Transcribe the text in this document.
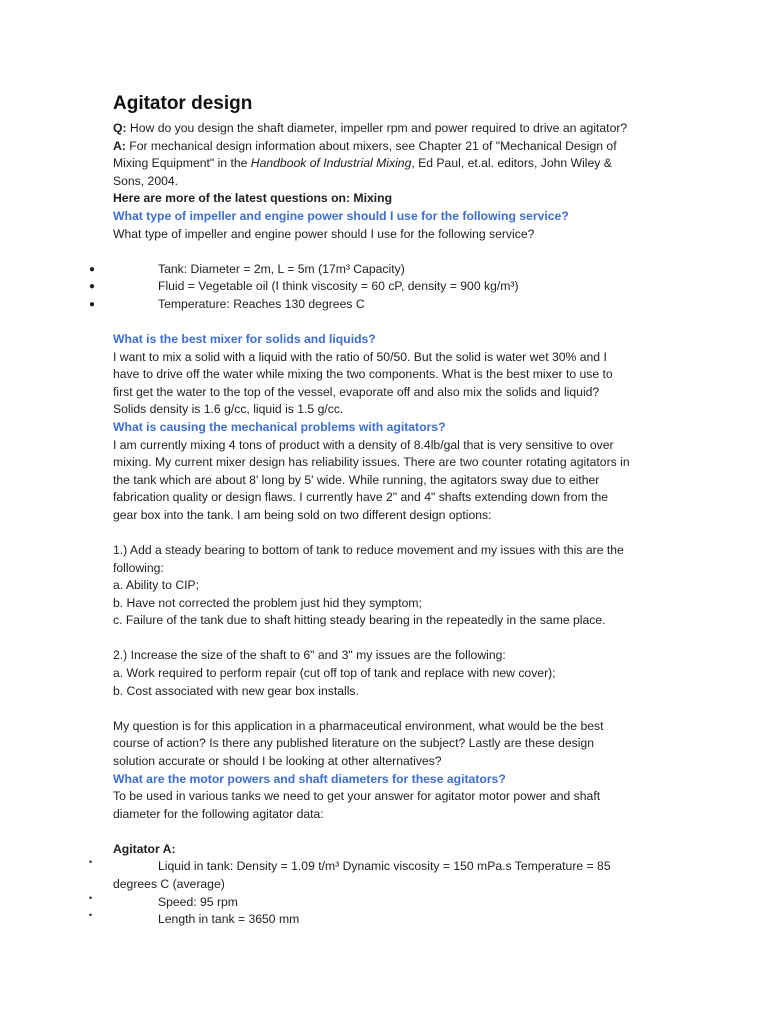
Agitator design

Q: How do you design the shaft diameter, impeller rpm and power required to drive an agitator?

A: For mechanical design information about mixers, see Chapter 21 of "Mechanical Design of Mixing Equipment" in the Handbook of Industrial Mixing, Ed Paul, et.al. editors, John Wiley & Sons, 2004.

Here are more of the latest questions on: Mixing

What type of impeller and engine power should I use for the following service?

What type of impeller and engine power should I use for the following service?

●	Tank: Diameter = 2m, L = 5m (17m³ Capacity)
●	Fluid = Vegetable oil (I think viscosity = 60 cP, density = 900 kg/m³)
●	Temperature: Reaches 130 degrees C

What is the best mixer for solids and liquids?

I want to mix a solid with a liquid with the ratio of 50/50. But the solid is water wet 30% and I have to drive off the water while mixing the two components. What is the best mixer to use to first get the water to the top of the vessel, evaporate off and also mix the solids and liquid? Solids density is 1.6 g/cc, liquid is 1.5 g/cc.

What is causing the mechanical problems with agitators?

I am currently mixing 4 tons of product with a density of 8.4lb/gal that is very sensitive to over mixing. My current mixer design has reliability issues. There are two counter rotating agitators in the tank which are about 8' long by 5' wide. While running, the agitators sway due to either fabrication quality or design flaws. I currently have 2" and 4" shafts extending down from the gear box into the tank. I am being sold on two different design options:

1.) Add a steady bearing to bottom of tank to reduce movement and my issues with this are the following:

a. Ability to CIP;

b. Have not corrected the problem just hid they symptom;

c. Failure of the tank due to shaft hitting steady bearing in the repeatedly in the same place.

2.) Increase the size of the shaft to 6" and 3" my issues are the following:

a. Work required to perform repair (cut off top of tank and replace with new cover);

b. Cost associated with new gear box installs.

My question is for this application in a pharmaceutical environment, what would be the best course of action? Is there any published literature on the subject? Lastly are these design solution accurate or should I be looking at other alternatives?

What are the motor powers and shaft diameters for these agitators?

To be used in various tanks we need to get your answer for agitator motor power and shaft diameter for the following agitator data:

Agitator A:

•	Liquid in tank: Density = 1.09 t/m³ Dynamic viscosity = 150 mPa.s Temperature = 85 degrees C (average)
•	Speed: 95 rpm
•	Length in tank = 3650 mm
